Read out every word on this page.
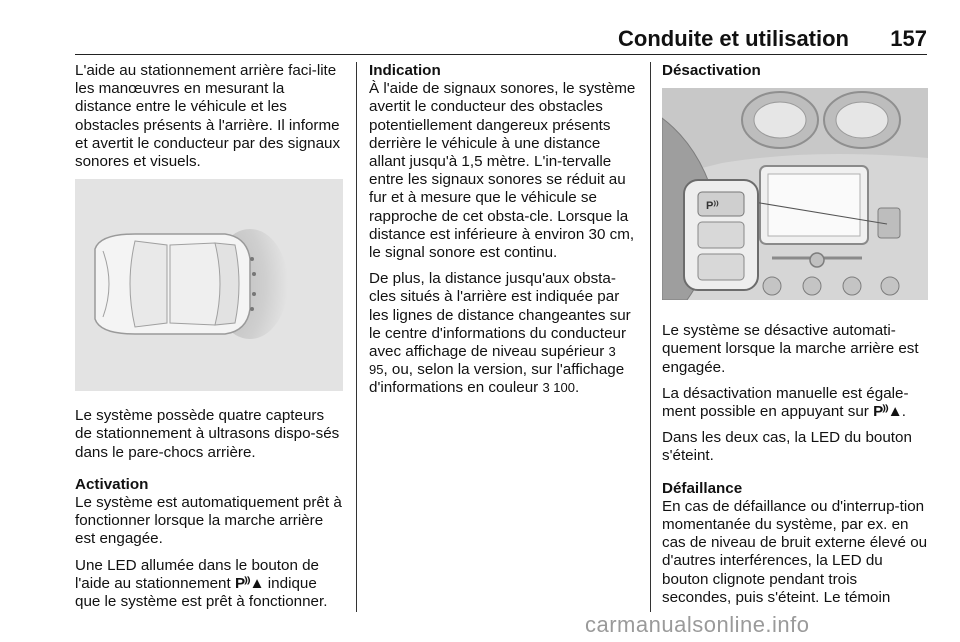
Conduite et utilisation 157

L'aide au stationnement arrière faci-lite les manœuvres en mesurant la distance entre le véhicule et les obstacles présents à l'arrière. Il informe et avertit le conducteur par des signaux sonores et visuels.

Le système possède quatre capteurs de stationnement à ultrasons dispo-sés dans le pare-chocs arrière.

Activation
Le système est automatiquement prêt à fonctionner lorsque la marche arrière est engagée.

Une LED allumée dans le bouton de l'aide au stationnement P⁾⁾▲ indique que le système est prêt à fonctionner.

Indication
À l'aide de signaux sonores, le système avertit le conducteur des obstacles potentiellement dangereux présents derrière le véhicule à une distance allant jusqu'à 1,5 mètre. L'in-tervalle entre les signaux sonores se réduit au fur et à mesure que le véhicule se rapproche de cet obsta-cle. Lorsque la distance est inférieure à environ 30 cm, le signal sonore est continu.

De plus, la distance jusqu'aux obsta-cles situés à l'arrière est indiquée par les lignes de distance changeantes sur le centre d'informations du conducteur avec affichage de niveau supérieur 3 95, ou, selon la version, sur l'affichage d'informations en couleur 3 100.

Désactivation
P⁾⁾

Le système se désactive automati-quement lorsque la marche arrière est engagée.

La désactivation manuelle est égale-ment possible en appuyant sur P⁾⁾▲.

Dans les deux cas, la LED du bouton s'éteint.

Défaillance
En cas de défaillance ou d'interrup-tion momentanée du système, par ex. en cas de niveau de bruit externe élevé ou d'autres interférences, la LED du bouton clignote pendant trois secondes, puis s'éteint. Le témoin

carmanualsonline.info
